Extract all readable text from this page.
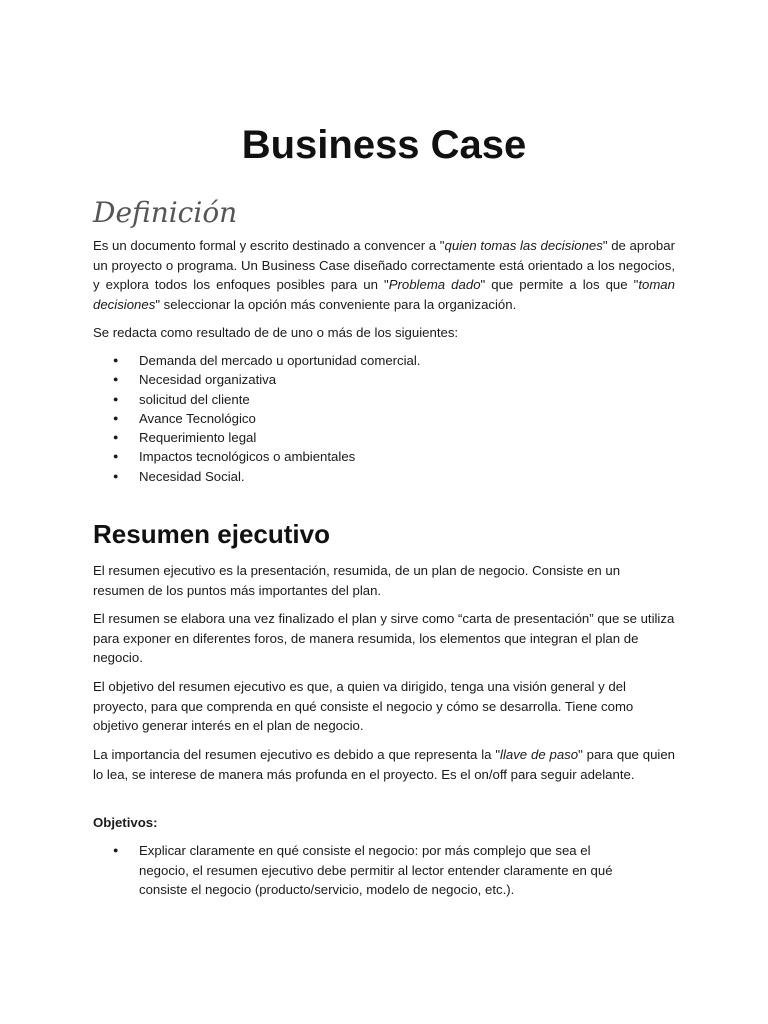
Business Case
Definición

Es un documento formal y escrito destinado a convencer a "quien tomas las decisiones" de aprobar un proyecto o programa. Un Business Case diseñado correctamente está orientado a los negocios, y explora todos los enfoques posibles para un "Problema dado" que permite a los que "toman decisiones" seleccionar la opción más conveniente para la organización.

Se redacta como resultado de de uno o más de los siguientes:

● Demanda del mercado u oportunidad comercial.
● Necesidad organizativa
● solicitud del cliente
● Avance Tecnológico
● Requerimiento legal
● Impactos tecnológicos o ambientales
● Necesidad Social.
Resumen ejecutivo

El resumen ejecutivo es la presentación, resumida, de un plan de negocio. Consiste en un resumen de los puntos más importantes del plan.

El resumen se elabora una vez finalizado el plan y sirve como “carta de presentación” que se utiliza para exponer en diferentes foros, de manera resumida, los elementos que integran el plan de negocio.

El objetivo del resumen ejecutivo es que, a quien va dirigido, tenga una visión general y del proyecto, para que comprenda en qué consiste el negocio y cómo se desarrolla. Tiene como objetivo generar interés en el plan de negocio.

La importancia del resumen ejecutivo es debido a que representa la "llave de paso" para que quien lo lea, se interese de manera más profunda en el proyecto. Es el on/off para seguir adelante.

Objetivos:

● Explicar claramente en qué consiste el negocio: por más complejo que sea el negocio, el resumen ejecutivo debe permitir al lector entender claramente en qué consiste el negocio (producto/servicio, modelo de negocio, etc.).
